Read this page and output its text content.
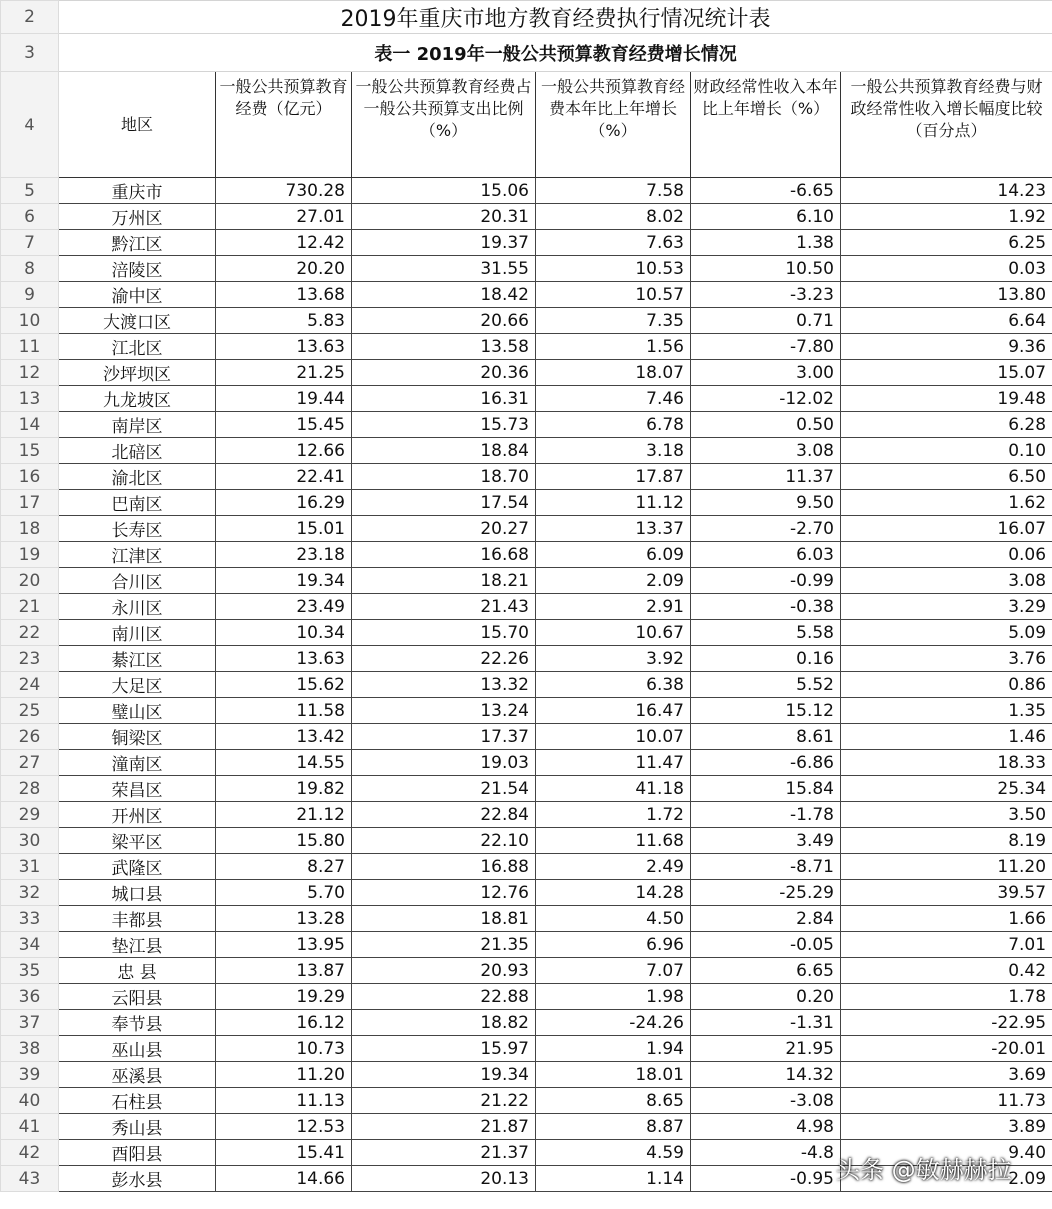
2	2019年重庆市地方教育经费执行情况统计表					
3	表一 2019年一般公共预算教育经费增长情况					
4	地区	一般公共预算教育经费（亿元）	一般公共预算教育经费占一般公共预算支出比例（%）	一般公共预算教育经费本年比上年增长（%）	财政经常性收入本年比上年增长（%）	一般公共预算教育经费与财政经常性收入增长幅度比较（百分点）
5	重庆市	730.28	15.06	7.58	-6.65	14.23
6	万州区	27.01	20.31	8.02	6.10	1.92
7	黔江区	12.42	19.37	7.63	1.38	6.25
8	涪陵区	20.20	31.55	10.53	10.50	0.03
9	渝中区	13.68	18.42	10.57	-3.23	13.80
10	大渡口区	5.83	20.66	7.35	0.71	6.64
11	江北区	13.63	13.58	1.56	-7.80	9.36
12	沙坪坝区	21.25	20.36	18.07	3.00	15.07
13	九龙坡区	19.44	16.31	7.46	-12.02	19.48
14	南岸区	15.45	15.73	6.78	0.50	6.28
15	北碚区	12.66	18.84	3.18	3.08	0.10
16	渝北区	22.41	18.70	17.87	11.37	6.50
17	巴南区	16.29	17.54	11.12	9.50	1.62
18	长寿区	15.01	20.27	13.37	-2.70	16.07
19	江津区	23.18	16.68	6.09	6.03	0.06
20	合川区	19.34	18.21	2.09	-0.99	3.08
21	永川区	23.49	21.43	2.91	-0.38	3.29
22	南川区	10.34	15.70	10.67	5.58	5.09
23	綦江区	13.63	22.26	3.92	0.16	3.76
24	大足区	15.62	13.32	6.38	5.52	0.86
25	璧山区	11.58	13.24	16.47	15.12	1.35
26	铜梁区	13.42	17.37	10.07	8.61	1.46
27	潼南区	14.55	19.03	11.47	-6.86	18.33
28	荣昌区	19.82	21.54	41.18	15.84	25.34
29	开州区	21.12	22.84	1.72	-1.78	3.50
30	梁平区	15.80	22.10	11.68	3.49	8.19
31	武隆区	8.27	16.88	2.49	-8.71	11.20
32	城口县	5.70	12.76	14.28	-25.29	39.57
33	丰都县	13.28	18.81	4.50	2.84	1.66
34	垫江县	13.95	21.35	6.96	-0.05	7.01
35	忠 县	13.87	20.93	7.07	6.65	0.42
36	云阳县	19.29	22.88	1.98	0.20	1.78
37	奉节县	16.12	18.82	-24.26	-1.31	-22.95
38	巫山县	10.73	15.97	1.94	21.95	-20.01
39	巫溪县	11.20	19.34	18.01	14.32	3.69
40	石柱县	11.13	21.22	8.65	-3.08	11.73
41	秀山县	12.53	21.87	8.87	4.98	3.89
42	酉阳县	15.41	21.37	4.59	-4.8	9.40
43	彭水县	14.66	20.13	1.14	-0.95	2.09
头条 @敏赫赫拉
